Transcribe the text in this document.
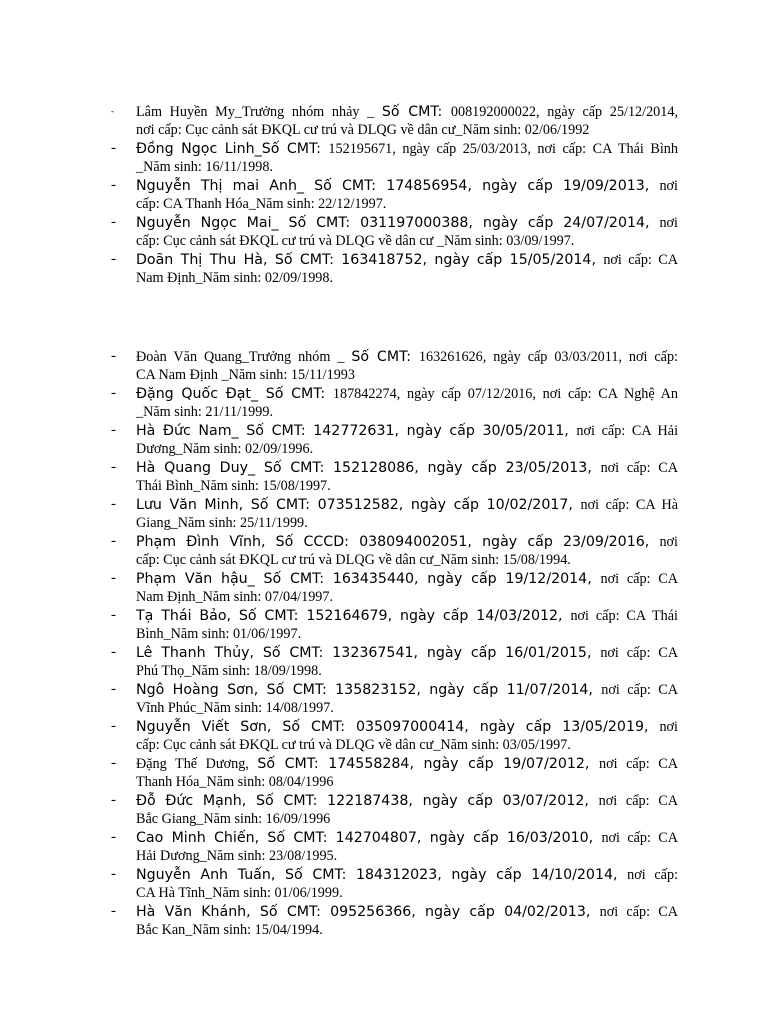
- Lâm Huyền My_Trưởng nhóm nhảy _ Số CMT: 008192000022, ngày cấp 25/12/2014,
nơi cấp: Cục cảnh sát ĐKQL cư trú và DLQG về dân cư_Năm sinh: 02/06/1992
- Đồng Ngọc Linh_Số CMT: 152195671, ngày cấp 25/03/2013, nơi cấp: CA Thái Bình
_Năm sinh: 16/11/1998.
- Nguyễn Thị mai Anh_ Số CMT: 174856954, ngày cấp 19/09/2013, nơi
cấp: CA Thanh Hóa_Năm sinh: 22/12/1997.
- Nguyễn Ngọc Mai_ Số CMT: 031197000388, ngày cấp 24/07/2014, nơi
cấp: Cục cảnh sát ĐKQL cư trú và DLQG về dân cư _Năm sinh: 03/09/1997.
- Doãn Thị Thu Hà, Số CMT: 163418752, ngày cấp 15/05/2014, nơi cấp: CA
Nam Định_Năm sinh: 02/09/1998.
- Đoàn Văn Quang_Trưởng nhóm _ Số CMT: 163261626, ngày cấp 03/03/2011, nơi cấp:
CA Nam Định _Năm sinh: 15/11/1993
- Đặng Quốc Đạt_ Số CMT: 187842274, ngày cấp 07/12/2016, nơi cấp: CA Nghệ An
_Năm sinh: 21/11/1999.
- Hà Đức Nam_ Số CMT: 142772631, ngày cấp 30/05/2011, nơi cấp: CA Hải
Dương_Năm sinh: 02/09/1996.
- Hà Quang Duy_ Số CMT: 152128086, ngày cấp 23/05/2013, nơi cấp: CA
Thái Bình_Năm sinh: 15/08/1997.
- Lưu Văn Minh, Số CMT: 073512582, ngày cấp 10/02/2017, nơi cấp: CA Hà
Giang_Năm sinh: 25/11/1999.
- Phạm Đình Vĩnh, Số CCCD: 038094002051, ngày cấp 23/09/2016, nơi
cấp: Cục cảnh sát ĐKQL cư trú và DLQG về dân cư_Năm sinh: 15/08/1994.
- Phạm Văn hậu_ Số CMT: 163435440, ngày cấp 19/12/2014, nơi cấp: CA
Nam Định_Năm sinh: 07/04/1997.
- Tạ Thái Bảo, Số CMT: 152164679, ngày cấp 14/03/2012, nơi cấp: CA Thái
Bình_Năm sinh: 01/06/1997.
- Lê Thanh Thủy, Số CMT: 132367541, ngày cấp 16/01/2015, nơi cấp: CA
Phú Thọ_Năm sinh: 18/09/1998.
- Ngô Hoàng Sơn, Số CMT: 135823152, ngày cấp 11/07/2014, nơi cấp: CA
Vĩnh Phúc_Năm sinh: 14/08/1997.
- Nguyễn Viết Sơn, Số CMT: 035097000414, ngày cấp 13/05/2019, nơi
cấp: Cục cảnh sát ĐKQL cư trú và DLQG về dân cư_Năm sinh: 03/05/1997.
- Đặng Thế Dương, Số CMT: 174558284, ngày cấp 19/07/2012, nơi cấp: CA
Thanh Hóa_Năm sinh: 08/04/1996
- Đỗ Đức Mạnh, Số CMT: 122187438, ngày cấp 03/07/2012, nơi cấp: CA
Bắc Giang_Năm sinh: 16/09/1996
- Cao Minh Chiến, Số CMT: 142704807, ngày cấp 16/03/2010, nơi cấp: CA
Hải Dương_Năm sinh: 23/08/1995.
- Nguyễn Anh Tuấn, Số CMT: 184312023, ngày cấp 14/10/2014, nơi cấp:
CA Hà Tĩnh_Năm sinh: 01/06/1999.
- Hà Văn Khánh, Số CMT: 095256366, ngày cấp 04/02/2013, nơi cấp: CA
Bắc Kan_Năm sinh: 15/04/1994.
